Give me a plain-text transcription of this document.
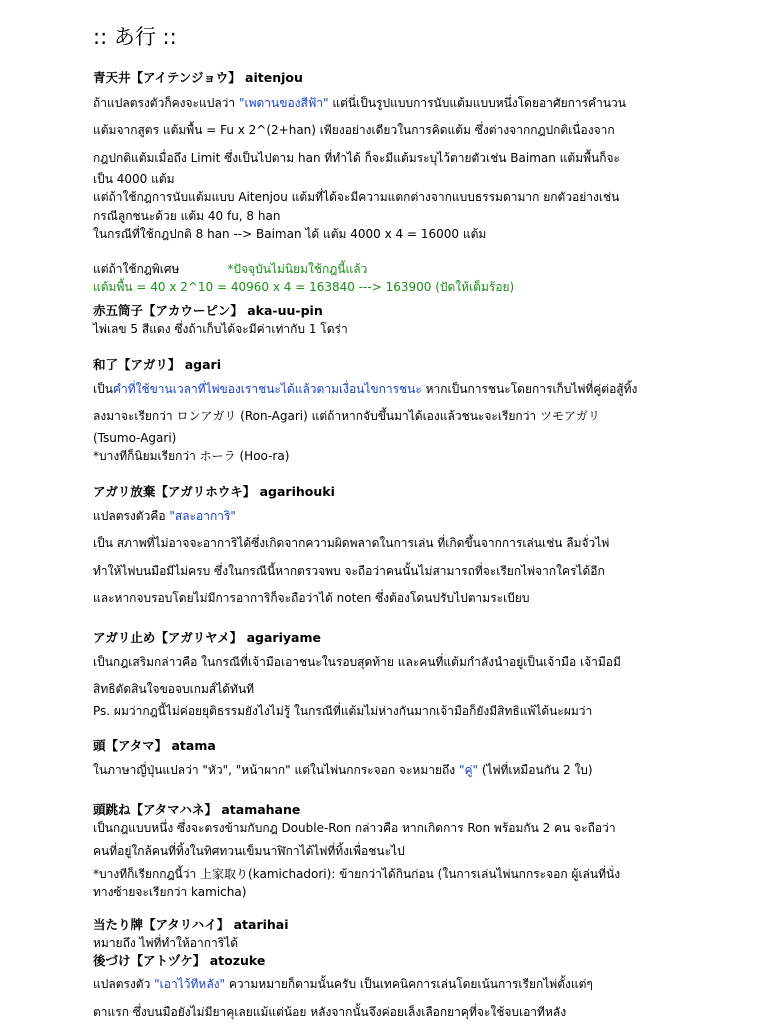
:: あ行 ::
青天井【アイテンジョウ】 aitenjou
ถ้าแปลตรงตัวก็คงจะแปลว่า "เพดานของสีฟ้า" แต่นี่เป็นรูปแบบการนับแต้มแบบหนึ่งโดยอาศัยการคำนวน
แต้มจากสูตร แต้มพื้น = Fu x 2^(2+han) เพียงอย่างเดียวในการคิดแต้ม ซึ่งต่างจากกฎปกติเนื่องจาก
กฎปกติแต้มเมื่อถึง Limit ซึ่งเป็นไปตาม han ที่ทำได้ ก็จะมีแต้มระบุไว้ตายตัวเช่น Baiman แต้มพื้นก็จะ
เป็น 4000 แต้ม
แต่ถ้าใช้กฎการนับแต้มแบบ Aitenjou แต้มที่ได้จะมีความแตกต่างจากแบบธรรมดามาก ยกตัวอย่างเช่น
กรณีลูกชนะด้วย แต้ม 40 fu, 8 han
ในกรณีที่ใช้กฎปกติ 8 han --> Baiman ได้ แต้ม 4000 x 4 = 16000 แต้ม
แต่ถ้าใช้กฎพิเศษ	*ปัจจุบันไม่นิยมใช้กฎนี้แล้ว
แต้มพื้น = 40 x 2^10 = 40960 x 4 = 163840 ---> 163900 (ปัดให้เต็มร้อย)
赤五筒子【アカウーピン】 aka-uu-pin
ไพ่เลข 5 สีแดง ซึ่งถ้าเก็บได้จะมีค่าเท่ากับ 1 โดร่า
和了【アガリ】 agari
เป็นคำที่ใช้ขานเวลาที่ไพ่ของเราชนะได้แล้วตามเงื่อนไขการชนะ หากเป็นการชนะโดยการเก็บไพ่ที่คู่ต่อสู้ทิ้ง
ลงมาจะเรียกว่า ロンアガリ (Ron-Agari) แต่ถ้าหากจับขึ้นมาได้เองแล้วชนะจะเรียกว่า ツモアガリ
(Tsumo-Agari)
*บางทีก็นิยมเรียกว่า ホーラ (Hoo-ra)
アガリ放棄【アガリホウキ】 agarihouki
แปลตรงตัวคือ "สละอาการิ"
เป็น สภาพที่ไม่อาจจะอาการิได้ซึ่งเกิดจากความผิดพลาดในการเล่น ที่เกิดขึ้นจากการเล่นเช่น ลืมจั่วไพ่
ทำให้ไพ่บนมือมีไม่ครบ ซึ่งในกรณีนี้หากตรวจพบ จะถือว่าคนนั้นไม่สามารถที่จะเรียกไพ่จากใครได้อีก
และหากจบรอบโดยไม่มีการอาการิก็จะถือว่าได้ noten ซึ่งต้องโดนปรับไปตามระเบียบ
アガリ止め【アガリヤメ】 agariyame
เป็นกฎเสริมกล่าวคือ ในกรณีที่เจ้ามือเอาชนะในรอบสุดท้าย และคนที่แต้มกำลังนำอยู่เป็นเจ้ามือ เจ้ามือมี
สิทธิตัดสินใจขอจบเกมส์ได้ทันที
Ps. ผมว่ากฎนี้ไม่ค่อยยุติธรรมยังไงไม่รู้ ในกรณีที่แต้มไม่ห่างกันมากเจ้ามือก็ยังมีสิทธิแพ้ได้นะผมว่า
頭【アタマ】 atama
ในภาษาญี่ปุ่นแปลว่า "หัว", "หน้าผาก" แต่ในไพ่นกกระจอก จะหมายถึง "คู่" (ไพ่ที่เหมือนกัน 2 ใบ)
頭跳ね【アタマハネ】 atamahane
เป็นกฎแบบหนึ่ง ซึ่งจะตรงข้ามกับกฎ Double-Ron กล่าวคือ หากเกิดการ Ron พร้อมกัน 2 คน จะถือว่า
คนที่อยู่ใกล้คนที่ทิ้งในทิศทวนเข็มนาฬิกาได้ไพ่ที่ทิ้งเพื่อชนะไป
*บางทีก็เรียกกฎนี้ว่า 上家取り(kamichadori): ข้ายกว่าได้กินก่อน (ในการเล่นไพ่นกกระจอก ผู้เล่นที่นั่ง
ทางซ้ายจะเรียกว่า kamicha)
当たり牌【アタリハイ】 atarihai
หมายถึง ไพ่ที่ทำให้อาการิได้
後づけ【アトヅケ】 atozuke
แปลตรงตัว "เอาไว้ทีหลัง" ความหมายก็ตามนั้นครับ เป็นเทคนิคการเล่นโดยเน้นการเรียกไพ่ตั้งแต่ๆ
ตาแรก ซึ่งบนมือยังไม่มียาคุเลยแม้แต่น้อย หลังจากนั้นจึงค่อยเล็งเลือกยาคุที่จะใช้จบเอาทีหลัง
